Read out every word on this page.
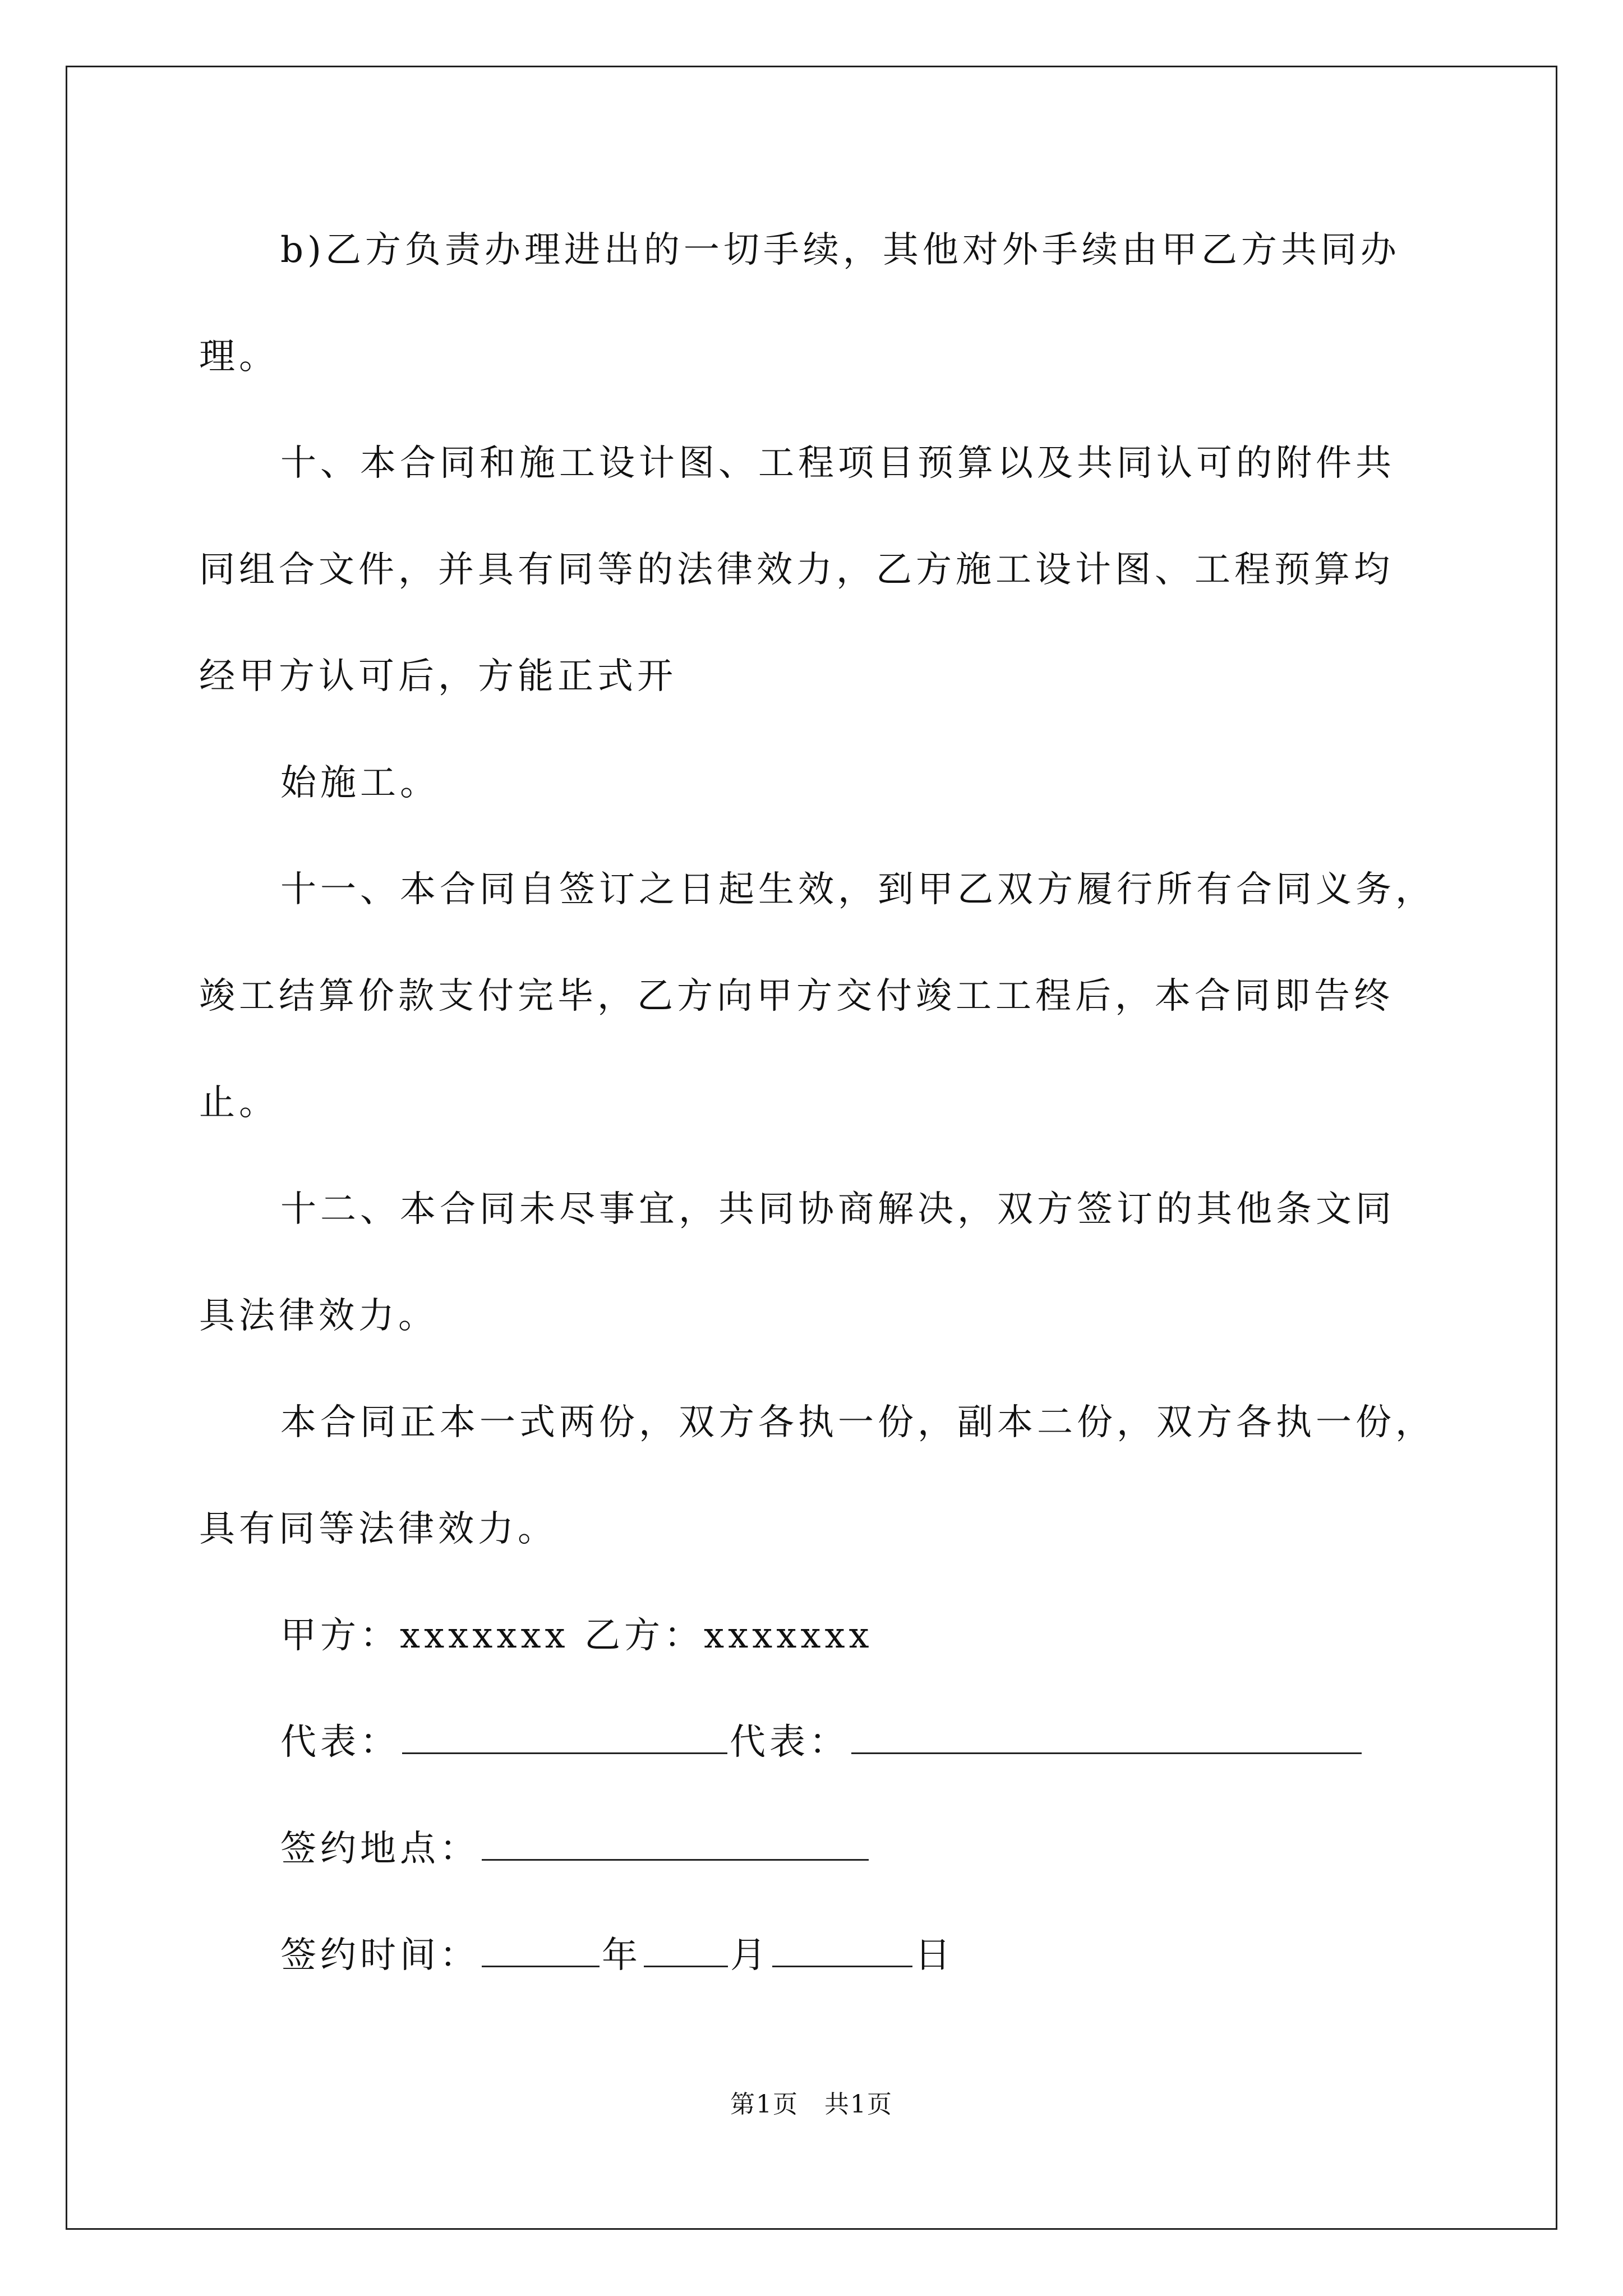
b)乙方负责办理进出的一切手续，其他对外手续由甲乙方共同办
理。
十、本合同和施工设计图、工程项目预算以及共同认可的附件共
同组合文件，并具有同等的法律效力，乙方施工设计图、工程预算均
经甲方认可后，方能正式开
始施工。
十一、本合同自签订之日起生效，到甲乙双方履行所有合同义务，
竣工结算价款支付完毕，乙方向甲方交付竣工工程后，本合同即告终
止。
十二、本合同未尽事宜，共同协商解决，双方签订的其他条文同
具法律效力。
本合同正本一式两份，双方各执一份，副本二份，双方各执一份，
具有同等法律效力。
甲方：xxxxxxx 乙方：xxxxxxx
代表：	代表：
签约地点：
签约时间：	年 月	日
第1页　共1页
